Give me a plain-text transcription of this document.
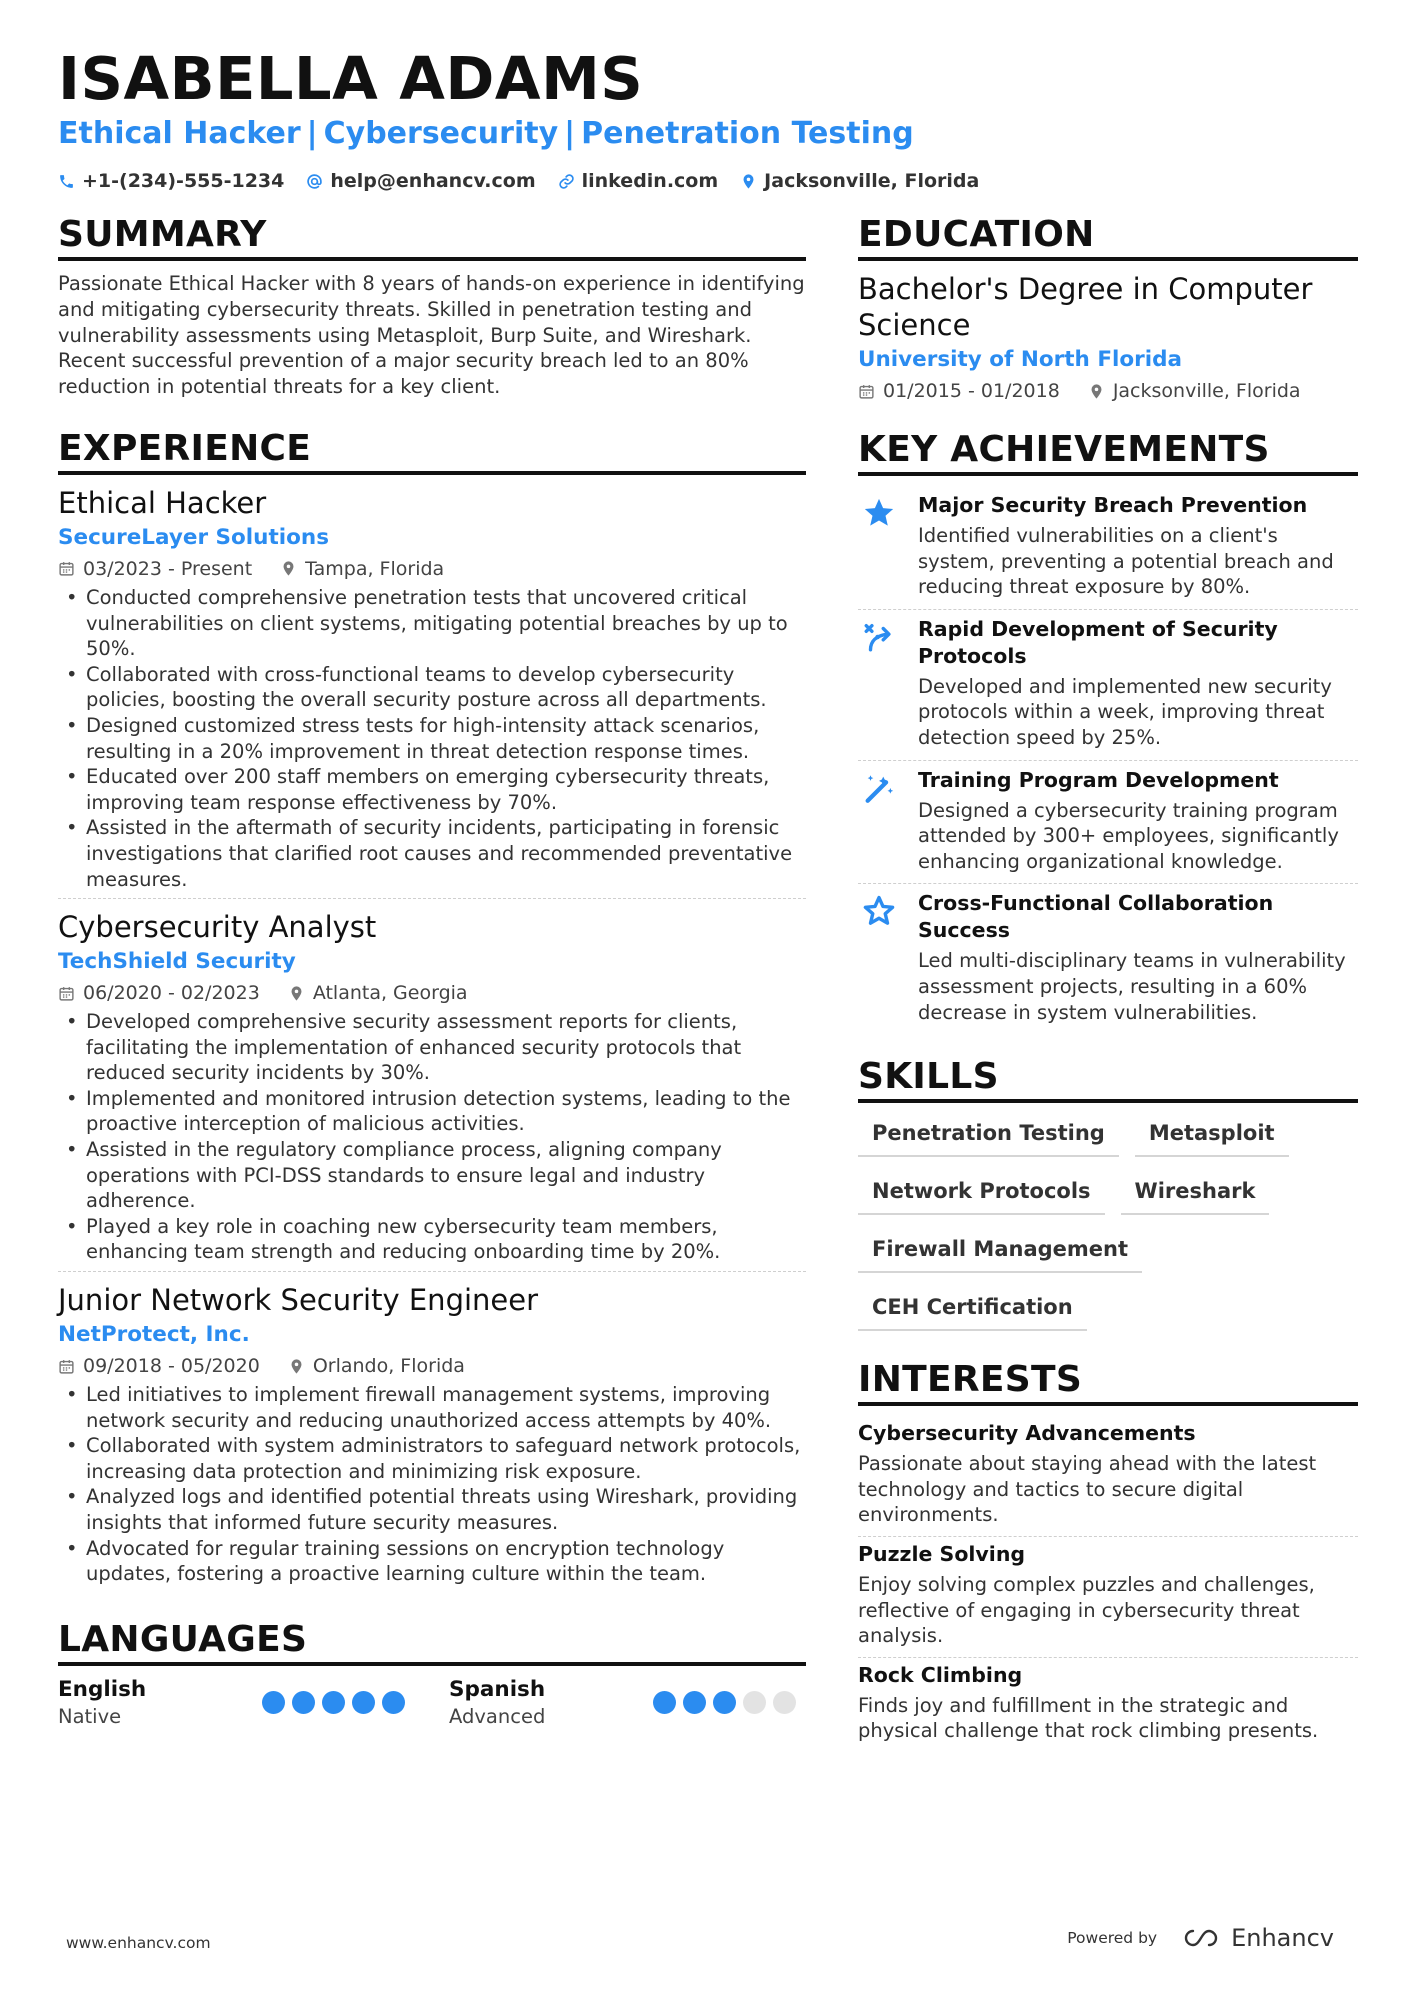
ISABELLA ADAMS
Ethical Hacker | Cybersecurity | Penetration Testing
+1-(234)-555-1234 help@enhancv.com linkedin.com Jacksonville, Florida
SUMMARY

Passionate Ethical Hacker with 8 years of hands-on experience in identifying and mitigating cybersecurity threats. Skilled in penetration testing and vulnerability assessments using Metasploit, Burp Suite, and Wireshark. Recent successful prevention of a major security breach led to an 80% reduction in potential threats for a key client.

EXPERIENCE
Ethical Hacker
SecureLayer Solutions
03/2023 - Present	Tampa, Florida
• Conducted comprehensive penetration tests that uncovered critical vulnerabilities on client systems, mitigating potential breaches by up to 50%.
• Collaborated with cross-functional teams to develop cybersecurity policies, boosting the overall security posture across all departments.
• Designed customized stress tests for high-intensity attack scenarios, resulting in a 20% improvement in threat detection response times.
• Educated over 200 staff members on emerging cybersecurity threats, improving team response effectiveness by 70%.
• Assisted in the aftermath of security incidents, participating in forensic investigations that clarified root causes and recommended preventative measures.
Cybersecurity Analyst
TechShield Security
06/2020 - 02/2023	Atlanta, Georgia
• Developed comprehensive security assessment reports for clients, facilitating the implementation of enhanced security protocols that reduced security incidents by 30%.
• Implemented and monitored intrusion detection systems, leading to the proactive interception of malicious activities.
• Assisted in the regulatory compliance process, aligning company operations with PCI-DSS standards to ensure legal and industry adherence.
• Played a key role in coaching new cybersecurity team members, enhancing team strength and reducing onboarding time by 20%.
Junior Network Security Engineer
NetProtect, Inc.
09/2018 - 05/2020	Orlando, Florida
• Led initiatives to implement firewall management systems, improving network security and reducing unauthorized access attempts by 40%.
• Collaborated with system administrators to safeguard network protocols, increasing data protection and minimizing risk exposure.
• Analyzed logs and identified potential threats using Wireshark, providing insights that informed future security measures.
• Advocated for regular training sessions on encryption technology updates, fostering a proactive learning culture within the team.
LANGUAGES
English
Native
Spanish
Advanced
EDUCATION
Bachelor's Degree in Computer Science
University of North Florida
01/2015 - 01/2018	Jacksonville, Florida
KEY ACHIEVEMENTS
Major Security Breach Prevention
Identified vulnerabilities on a client's system, preventing a potential breach and reducing threat exposure by 80%.
Rapid Development of Security Protocols
Developed and implemented new security protocols within a week, improving threat detection speed by 25%.
Training Program Development
Designed a cybersecurity training program attended by 300+ employees, significantly enhancing organizational knowledge.
Cross-Functional Collaboration Success
Led multi-disciplinary teams in vulnerability assessment projects, resulting in a 60% decrease in system vulnerabilities.
SKILLS
Penetration Testing	Metasploit
Network Protocols	Wireshark
Firewall Management
CEH Certification
INTERESTS
Cybersecurity Advancements
Passionate about staying ahead with the latest technology and tactics to secure digital environments.
Puzzle Solving
Enjoy solving complex puzzles and challenges, reflective of engaging in cybersecurity threat analysis.
Rock Climbing
Finds joy and fulfillment in the strategic and physical challenge that rock climbing presents.
www.enhancv.com	Powered by	Enhancv
